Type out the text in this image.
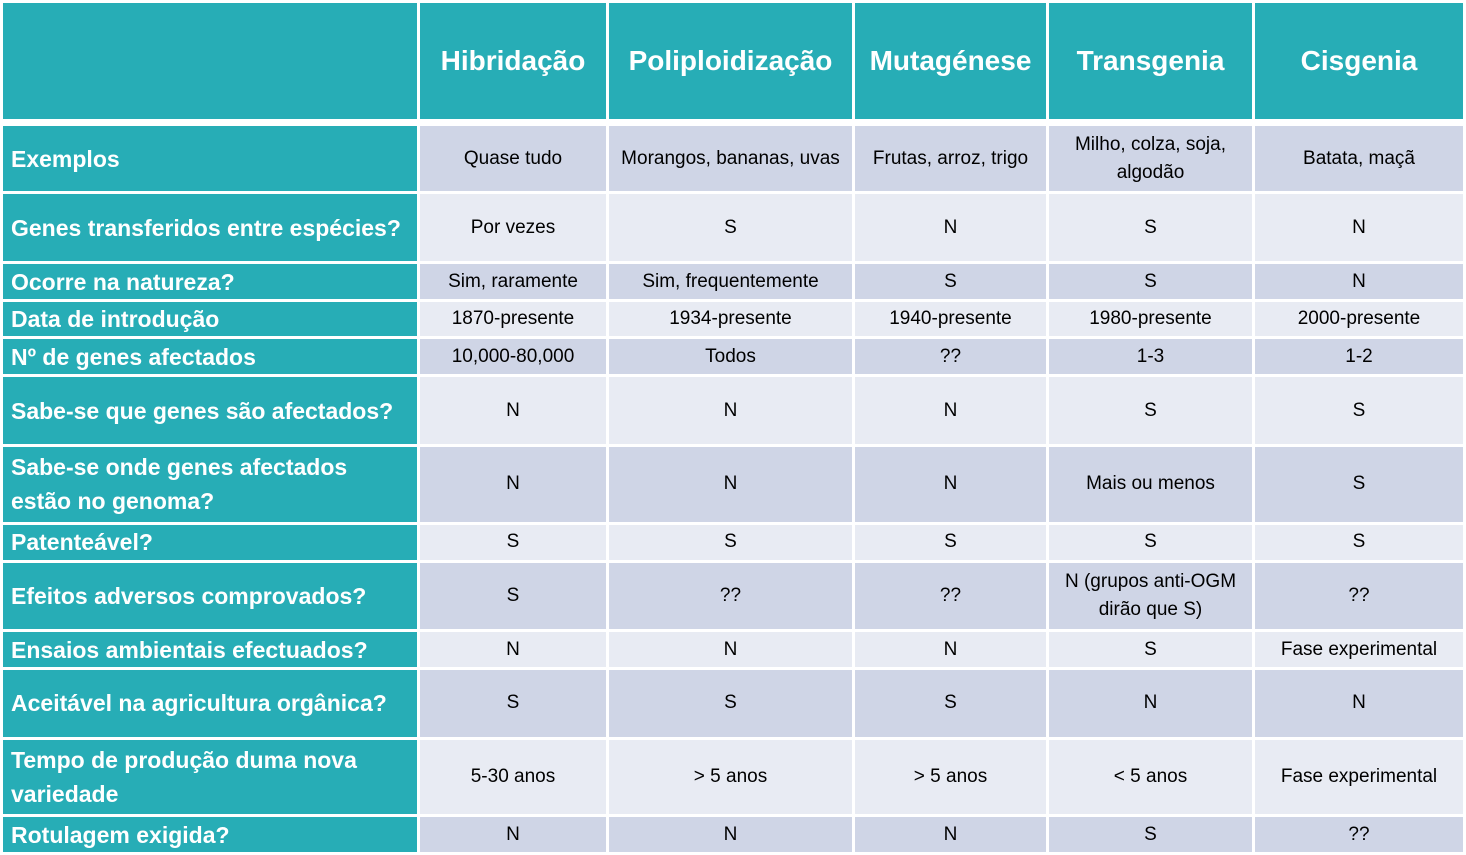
	Hibridação	Poliploidização	Mutagénese	Transgenia	Cisgenia

Exemplos	Quase tudo	Morangos, bananas, uvas	Frutas, arroz, trigo	Milho, colza, soja, algodão	Batata, maçã
Genes transferidos entre espécies?	Por vezes	S	N	S	N
Ocorre na natureza?	Sim, raramente	Sim, frequentemente	S	S	N
Data de introdução	1870-presente	1934-presente	1940-presente	1980-presente	2000-presente
Nº de genes afectados	10,000-80,000	Todos	??	1-3	1-2
Sabe-se que genes são afectados?	N	N	N	S	S
Sabe-se onde genes afectados estão no genoma?	N	N	N	Mais ou menos	S
Patenteável?	S	S	S	S	S
Efeitos adversos comprovados?	S	??	??	N (grupos anti-OGM dirão que S)	??
Ensaios ambientais efectuados?	N	N	N	S	Fase experimental
Aceitável na agricultura orgânica?	S	S	S	N	N
Tempo de produção duma nova variedade	5-30 anos	> 5 anos	> 5 anos	< 5 anos	Fase experimental
Rotulagem exigida?	N	N	N	S	??
